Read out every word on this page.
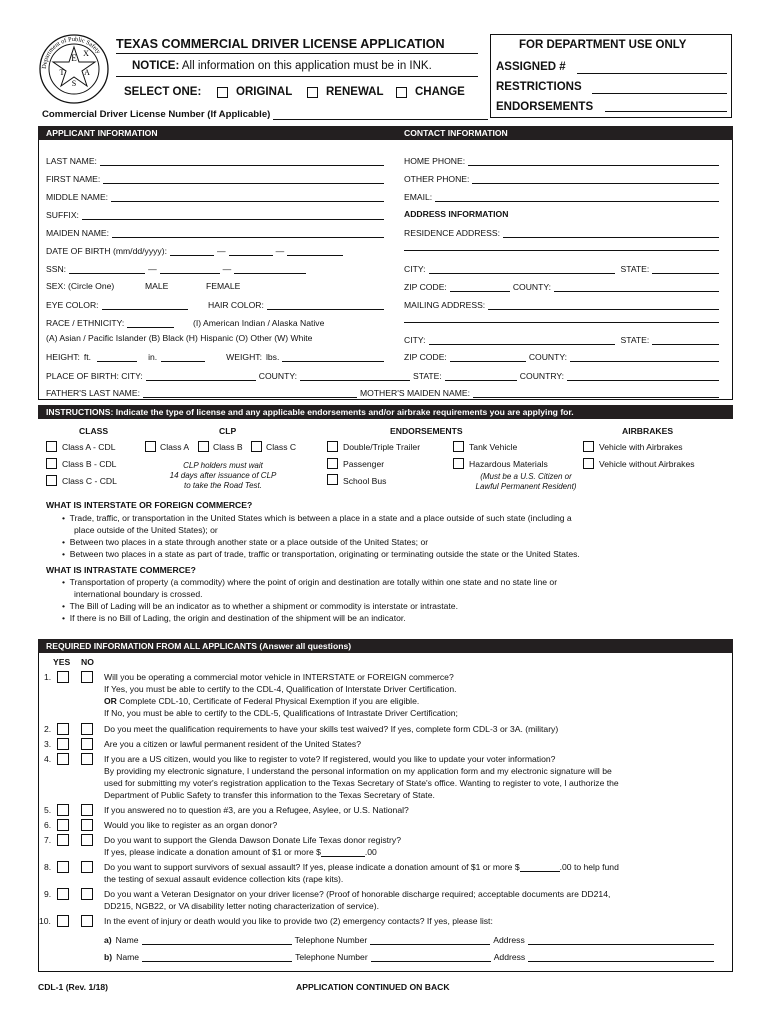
E X
T A
S
Department of Public Safety
TEXAS COMMERCIAL DRIVER LICENSE APPLICATION
NOTICE: All information on this application must be in INK.
SELECT ONE:	ORIGINAL	RENEWAL	CHANGE
Commercial Driver License Number (If Applicable)
FOR DEPARTMENT USE ONLY
ASSIGNED #
RESTRICTIONS
ENDORSEMENTS
APPLICANT INFORMATION	CONTACT INFORMATION
LAST NAME:
FIRST NAME:
MIDDLE NAME:
SUFFIX:
MAIDEN NAME:
DATE OF BIRTH (mm/dd/yyyy):	—	—
SSN:	—	—
SEX: (Circle One)	MALE	FEMALE
EYE COLOR:	HAIR COLOR:
RACE / ETHNICITY:	(I) American Indian / Alaska Native
(A) Asian / Pacific Islander (B) Black (H) Hispanic (O) Other (W) White
HEIGHT: ft.	in.	WEIGHT: lbs.
HOME PHONE:
OTHER PHONE:
EMAIL:
ADDRESS INFORMATION
RESIDENCE ADDRESS:
CITY:	STATE:
ZIP CODE:	COUNTY:
MAILING ADDRESS:
CITY:	STATE:
ZIP CODE:	COUNTY:
PLACE OF BIRTH: CITY:	COUNTY:	STATE:	COUNTRY:
FATHER'S LAST NAME:	MOTHER'S MAIDEN NAME:
INSTRUCTIONS: Indicate the type of license and any applicable endorsements and/or airbrake requirements you are applying for.
CLASS	CLP	ENDORSEMENTS	AIRBRAKES
Class A - CDL
Class B - CDL
Class C - CDL
Class A	Class B	Class C
CLP holders must wait
14 days after issuance of CLP
to take the Road Test.
Double/Triple Trailer
Passenger
School Bus
Tank Vehicle
Hazardous Materials
(Must be a U.S. Citizen or
Lawful Permanent Resident)
Vehicle with Airbrakes
Vehicle without Airbrakes
WHAT IS INTERSTATE OR FOREIGN COMMERCE?
•  Trade, traffic, or transportation in the United States which is between a place in a state and a place outside of such state (including a
place outside of the United States); or
•  Between two places in a state through another state or a place outside of the United States; or
•  Between two places in a state as part of trade, traffic or transportation, originating or terminating outside the state or the United States.
WHAT IS INTRASTATE COMMERCE?
•  Transportation of property (a commodity) where the point of origin and destination are totally within one state and no state line or
international boundary is crossed.
•  The Bill of Lading will be an indicator as to whether a shipment or commodity is interstate or intrastate.
•  If there is no Bill of Lading, the origin and destination of the shipment will be an indicator.
REQUIRED INFORMATION FROM ALL APPLICANTS (Answer all questions)
YES NO
1.	Will you be operating a commercial motor vehicle in INTERSTATE or FOREIGN commerce?
If Yes, you must be able to certify to the CDL-4, Qualification of Interstate Driver Certification.
OR Complete CDL-10, Certificate of Federal Physical Exemption if you are eligible.
If No, you must be able to certify to the CDL-5, Qualifications of Intrastate Driver Certification;
2.	Do you meet the qualification requirements to have your skills test waived? If yes, complete form CDL-3 or 3A. (military)
3.	Are you a citizen or lawful permanent resident of the United States?
4.	If you are a US citizen, would you like to register to vote? If registered, would you like to update your voter information?
By providing my electronic signature, I understand the personal information on my application form and my electronic signature will be
used for submitting my voter's registration application to the Texas Secretary of State's office. Wanting to register to vote, I authorize the
Department of Public Safety to transfer this information to the Texas Secretary of State.
5.	If you answered no to question #3, are you a Refugee, Asylee, or U.S. National?
6.	Would you like to register as an organ donor?
7.	Do you want to support the Glenda Dawson Donate Life Texas donor registry?
If yes, please indicate a donation amount of $1 or more $	.00
8.	Do you want to support survivors of sexual assault? If yes, please indicate a donation amount of $1 or more $	.00 to help fund
the testing of sexual assault evidence collection kits (rape kits).
9.	Do you want a Veteran Designator on your driver license? (Proof of honorable discharge required; acceptable documents are DD214,
DD215, NGB22, or VA disability letter noting characterization of service).
10.	In the event of injury or death would you like to provide two (2) emergency contacts? If yes, please list:
a) Name	Telephone Number	Address
b) Name	Telephone Number	Address
CDL-1 (Rev. 1/18)	APPLICATION CONTINUED ON BACK
